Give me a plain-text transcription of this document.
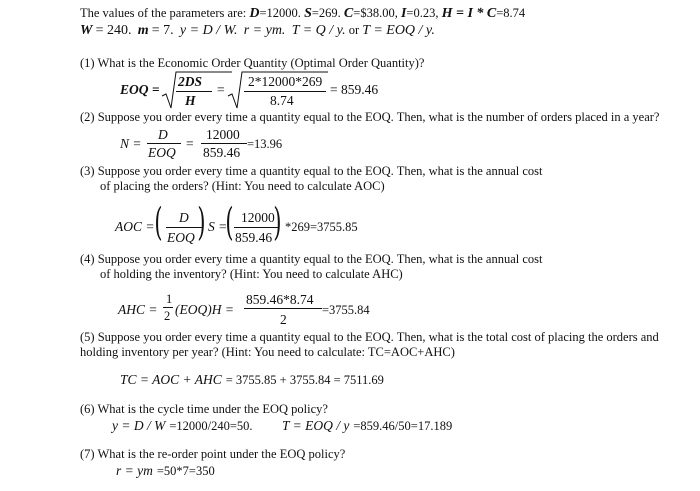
The values of the parameters are: D=12000. S=269. C=$38.00, I=0.23, H = I * C=8.74
W = 240. m = 7. y = D / W. r = ym. T = Q / y. or T = EOQ / y.
(1) What is the Economic Order Quantity (Optimal Order Quantity)?
EOQ =
2DS
H
=
2*12000*269
8.74
= 859.46
(2) Suppose you order every time a quantity equal to the EOQ. Then, what is the number of orders placed in a year?
N =
D
EOQ
=
12000
859.46
=13.96
(3) Suppose you order every time a quantity equal to the EOQ. Then, what is the annual cost
of placing the orders? (Hint: You need to calculate AOC)
AOC = ( D
EOQ ) S =
( 12000
859.46 ) *269=3755.85
(4) Suppose you order every time a quantity equal to the EOQ. Then, what is the annual cost
of holding the inventory? (Hint: You need to calculate AHC)
AHC =
1
2 (EOQ)H =
859.46*8.74
2
=3755.84
(5) Suppose you order every time a quantity equal to the EOQ. Then, what is the total cost of placing the orders and
holding inventory per year? (Hint: You need to calculate: TC=AOC+AHC)
TC = AOC + AHC = 3755.85 + 3755.84 = 7511.69
(6) What is the cycle time under the EOQ policy?
y = D / W =12000/240=50. T = EOQ / y =859.46/50=17.189
(7) What is the re-order point under the EOQ policy?
r = ym =50*7=350
